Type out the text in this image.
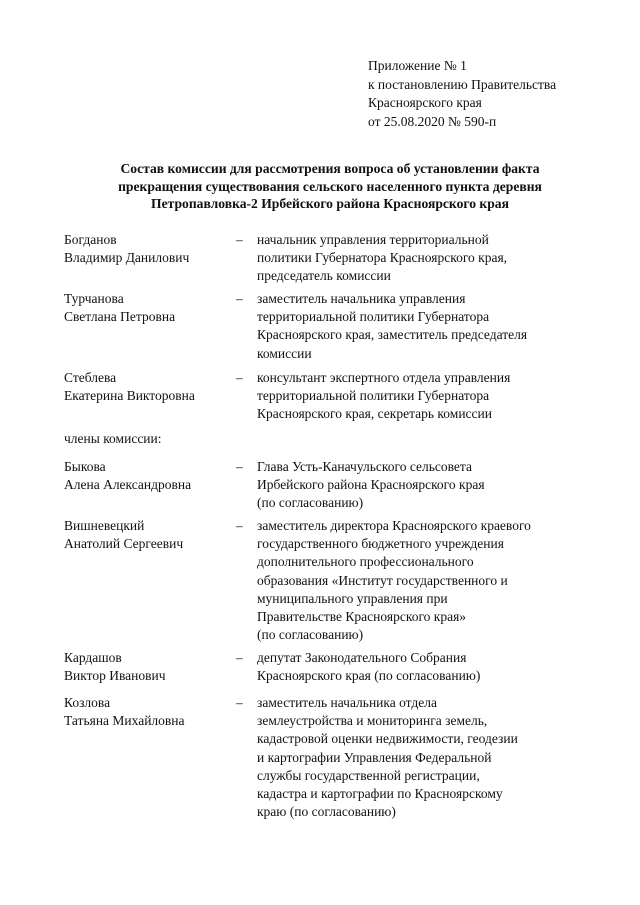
Приложение № 1
к постановлению Правительства
Красноярского края
от 25.08.2020 № 590-п
Состав комиссии для рассмотрения вопроса об установлении факта
прекращения существования сельского населенного пункта деревня
Петропавловка-2 Ирбейского района Красноярского края
Богданов
Владимир Данилович
– начальник управления территориальной
политики Губернатора Красноярского края,
председатель комиссии
Турчанова
Светлана Петровна
– заместитель начальника управления
территориальной политики Губернатора
Красноярского края, заместитель председателя
комиссии
Стеблева
Екатерина Викторовна
– консультант экспертного отдела управления
территориальной политики Губернатора
Красноярского края, секретарь комиссии
члены комиссии:
Быкова
Алена Александровна
– Глава Усть-Каначульского сельсовета
Ирбейского района Красноярского края
(по согласованию)
Вишневецкий
Анатолий Сергеевич
– заместитель директора Красноярского краевого
государственного бюджетного учреждения
дополнительного профессионального
образования «Институт государственного и
муниципального управления при
Правительстве Красноярского края»
(по согласованию)
Кардашов
Виктор Иванович
– депутат Законодательного Собрания
Красноярского края (по согласованию)
Козлова
Татьяна Михайловна
– заместитель начальника отдела
землеустройства и мониторинга земель,
кадастровой оценки недвижимости, геодезии
и картографии Управления Федеральной
службы государственной регистрации,
кадастра и картографии по Красноярскому
краю (по согласованию)
